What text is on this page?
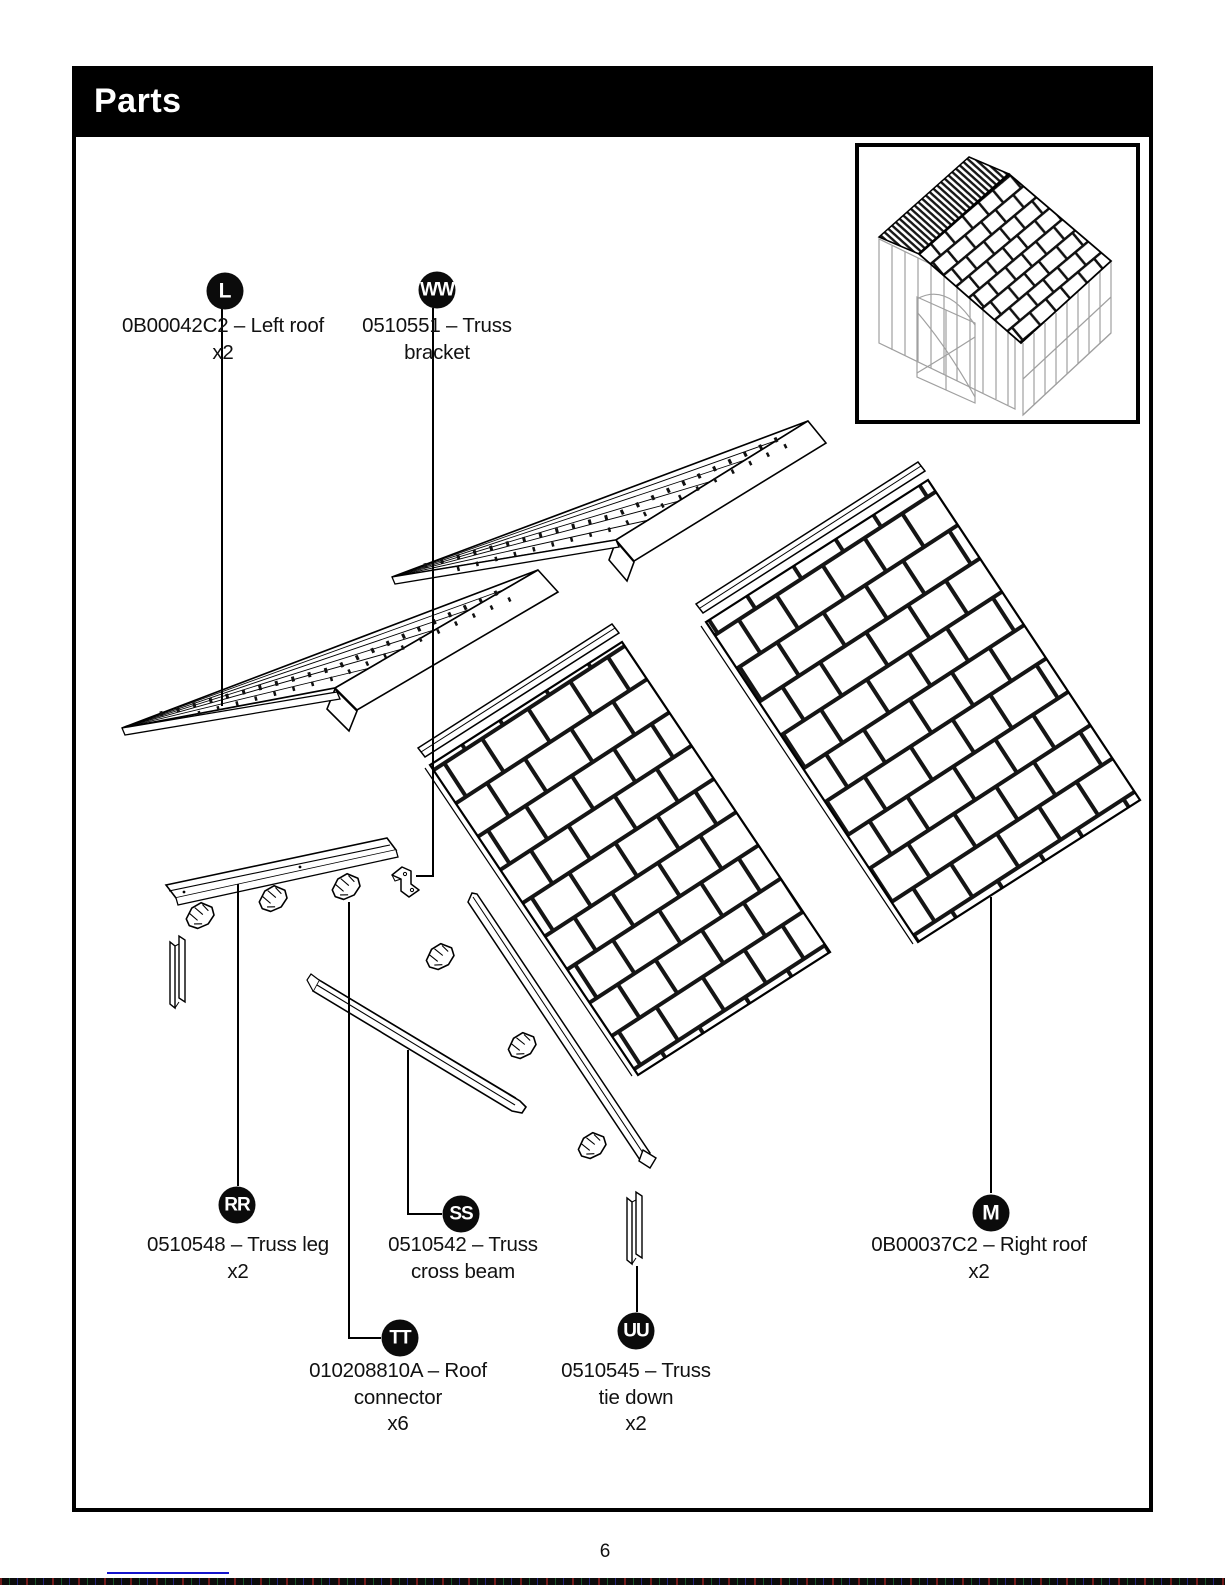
Parts
L	WW
RR	SS
TT	UU
M
0B00042C2 – Left roof
x2
0510551 – Truss
bracket
0510548 – Truss leg
x2
0510542 – Truss
cross beam
010208810A – Roof
connector
x6
0510545 – Truss
tie down
x2
0B00037C2 – Right roof
x2
6
